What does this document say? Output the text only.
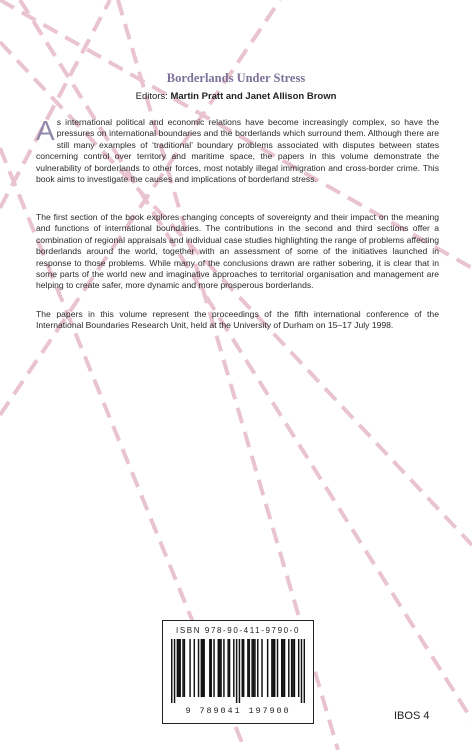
Borderlands Under Stress
Editors: Martin Pratt and Janet Allison Brown

As international political and economic relations have become increasingly complex, so have the pressures on international boundaries and the borderlands which surround them. Although there are still many examples of ‘traditional’ boundary problems associated with disputes between states concerning control over territory and maritime space, the papers in this volume demonstrate the vulnerability of borderlands to other forces, most notably illegal immigration and cross-border crime. This book aims to investigate the causes and implications of borderland stress.

The first section of the book explores changing concepts of sovereignty and their impact on the meaning and functions of international boundaries. The contributions in the second and third sections offer a combination of regional appraisals and individual case studies highlighting the range of problems affecting borderlands around the world, together with an assessment of some of the initiatives launched in response to those problems. While many of the conclusions drawn are rather sobering, it is clear that in some parts of the world new and imaginative approaches to territorial organisation and management are helping to create safer, more dynamic and more prosperous borderlands.

The papers in this volume represent the proceedings of the fifth international conference of the International Boundaries Research Unit, held at the University of Durham on 15–17 July 1998.

ISBN 978-90-411-9790-0
9 789041 197900	IBOS 4
